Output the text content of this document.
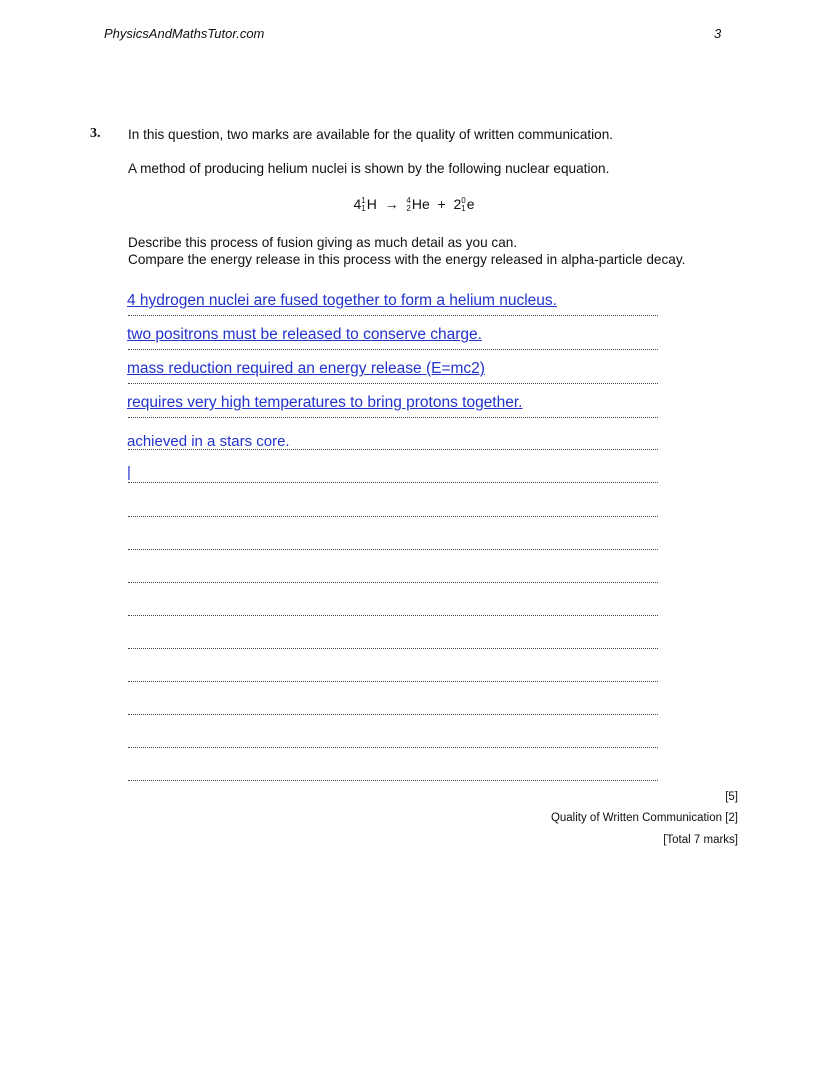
PhysicsAndMathsTutor.com	3
3. In this question, two marks are available for the quality of written communication.
A method of producing helium nuclei is shown by the following nuclear equation.
4 1
1 H → 4
2 He + 2 0
1 e
Describe this process of fusion giving as much detail as you can.
Compare the energy release in this process with the energy released in alpha-particle decay.
4 hydrogen nuclei are fused together to form a helium nucleus.
two positrons must be released to conserve charge.
mass reduction required an energy release (E=mc2)
requires very high temperatures to bring protons together.
achieved in a stars core.
|
[5]
Quality of Written Communication [2]
[Total 7 marks]
